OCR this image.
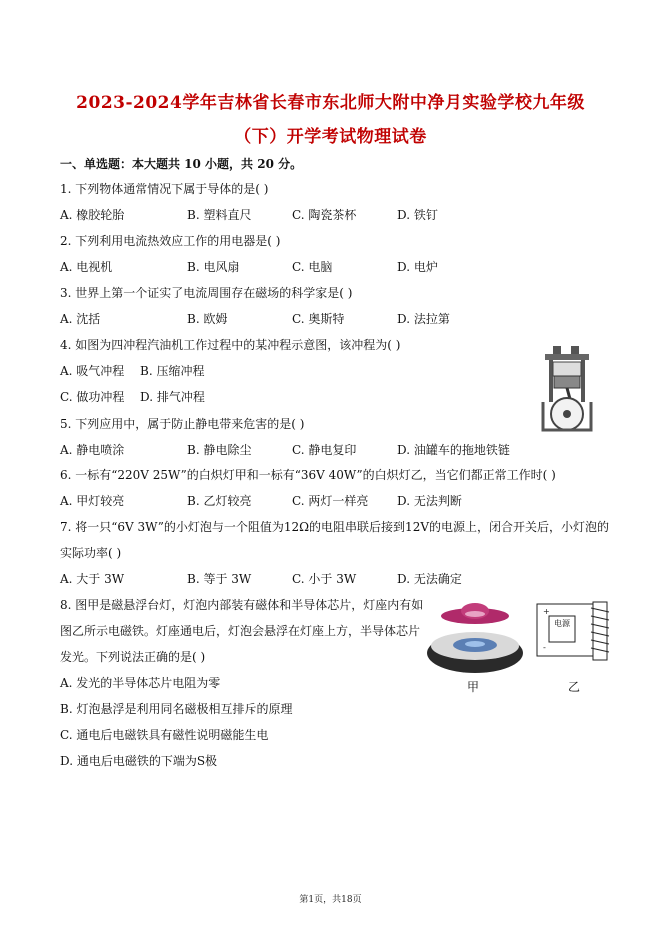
2023-2024学年吉林省长春市东北师大附中净月实验学校九年级
（下）开学考试物理试卷
一、单选题：本大题共 10 小题，共 20 分。
1. 下列物体通常情况下属于导体的是( )
A. 橡胶轮胎	B. 塑料直尺	C. 陶瓷茶杯	D. 铁钉
2. 下列利用电流热效应工作的用电器是( )
A. 电视机	B. 电风扇	C. 电脑	D. 电炉
3. 世界上第一个证实了电流周围存在磁场的科学家是( )
A. 沈括	B. 欧姆	C. 奥斯特	D. 法拉第
4. 如图为四冲程汽油机工作过程中的某冲程示意图，该冲程为( )
A. 吸气冲程 B. 压缩冲程
C. 做功冲程 D. 排气冲程
5. 下列应用中，属于防止静电带来危害的是( )
A. 静电喷涂	B. 静电除尘	C. 静电复印	D. 油罐车的拖地铁链
6. 一标有“220V 25W”的白炽灯甲和一标有“36V 40W”的白炽灯乙，当它们都正常工作时( )
A. 甲灯较亮	B. 乙灯较亮	C. 两灯一样亮 D. 无法判断
7. 将一只“6V 3W”的小灯泡与一个阻值为12Ω的电阻串联后接到12V的电源上，闭合开关后，小灯泡的
实际功率( )
A. 大于 3W	B. 等于 3W	C. 小于 3W	D. 无法确定
8. 图甲是磁悬浮台灯，灯泡内部装有磁体和半导体芯片，灯座内有如
图乙所示电磁铁。灯座通电后，灯泡会悬浮在灯座上方，半导体芯片
发光。下列说法正确的是( )
A. 发光的半导体芯片电阻为零
B. 灯泡悬浮是利用同名磁极相互排斥的原理
C. 通电后电磁铁具有磁性说明磁能生电
D. 通电后电磁铁的下端为S极
甲
+
-
电源
乙
第1页，共18页
